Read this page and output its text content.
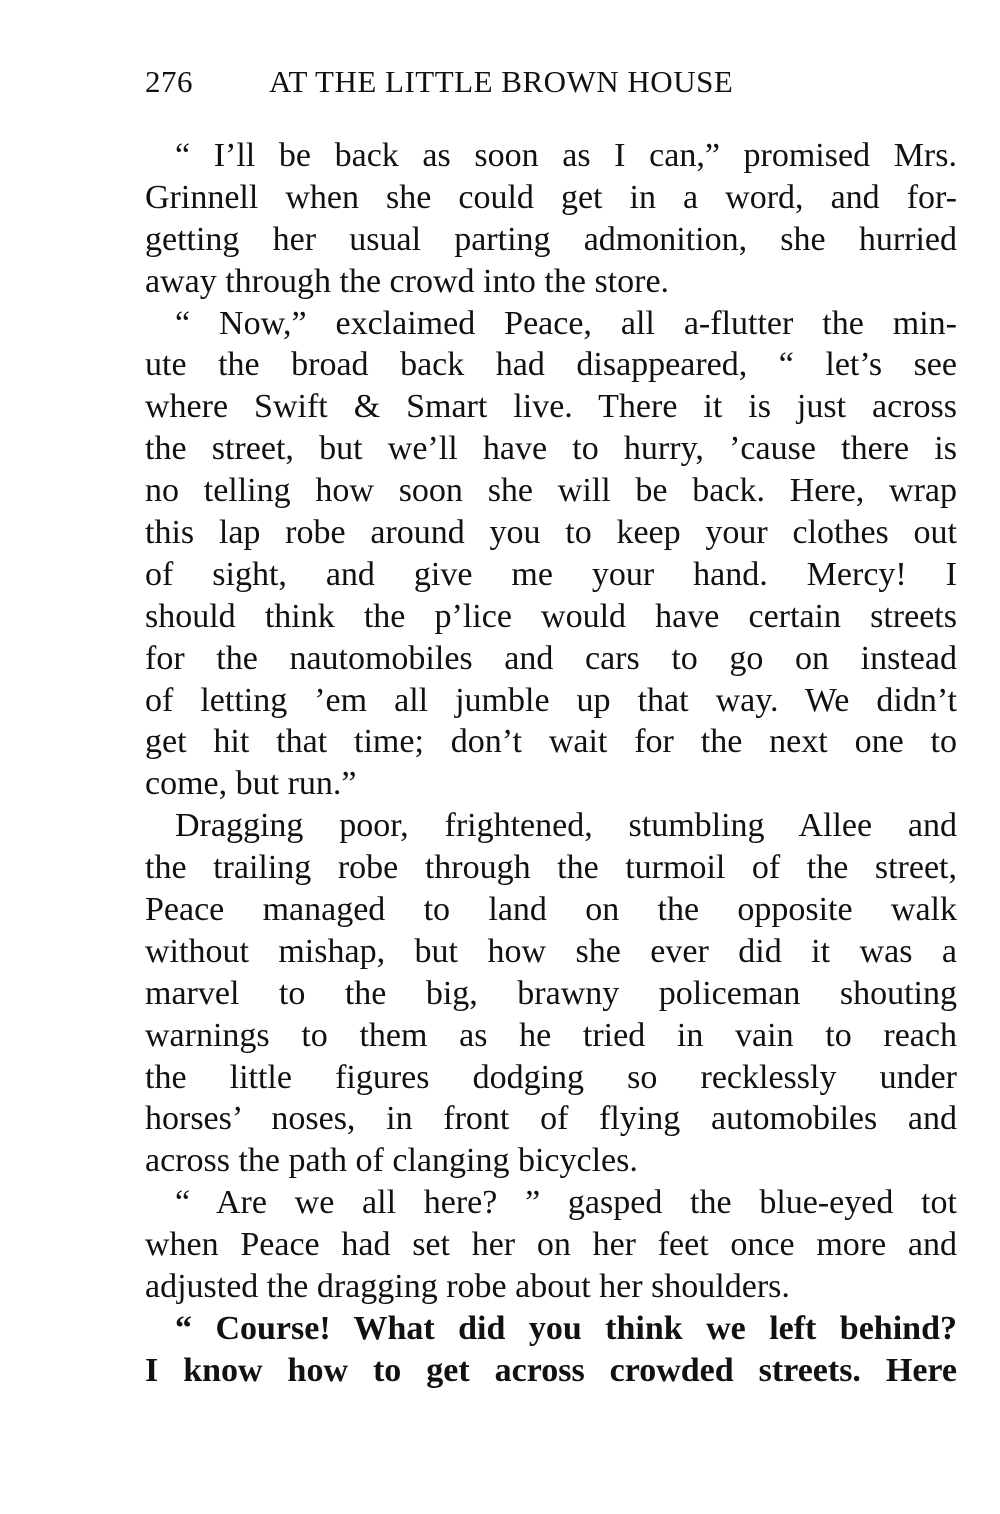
276 AT THE LITTLE BROWN HOUSE
“ I’ll be back as soon as I can,” promised Mrs.
Grinnell when she could get in a word, and for-
getting her usual parting admonition, she hurried
away through the crowd into the store.
“ Now,” exclaimed Peace, all a-flutter the min-
ute the broad back had disappeared, “ let’s see
where Swift & Smart live. There it is just across
the street, but we’ll have to hurry, ’cause there is
no telling how soon she will be back. Here, wrap
this lap robe around you to keep your clothes out
of sight, and give me your hand. Mercy! I
should think the p’lice would have certain streets
for the nautomobiles and cars to go on instead
of letting ’em all jumble up that way. We didn’t
get hit that time; don’t wait for the next one to
come, but run.”
Dragging poor, frightened, stumbling Allee and
the trailing robe through the turmoil of the street,
Peace managed to land on the opposite walk
without mishap, but how she ever did it was a
marvel to the big, brawny policeman shouting
warnings to them as he tried in vain to reach
the little figures dodging so recklessly under
horses’ noses, in front of flying automobiles and
across the path of clanging bicycles.
“ Are we all here? ” gasped the blue-eyed tot
when Peace had set her on her feet once more and
adjusted the dragging robe about her shoulders.
“ Course! What did you think we left behind?
I know how to get across crowded streets. Here
